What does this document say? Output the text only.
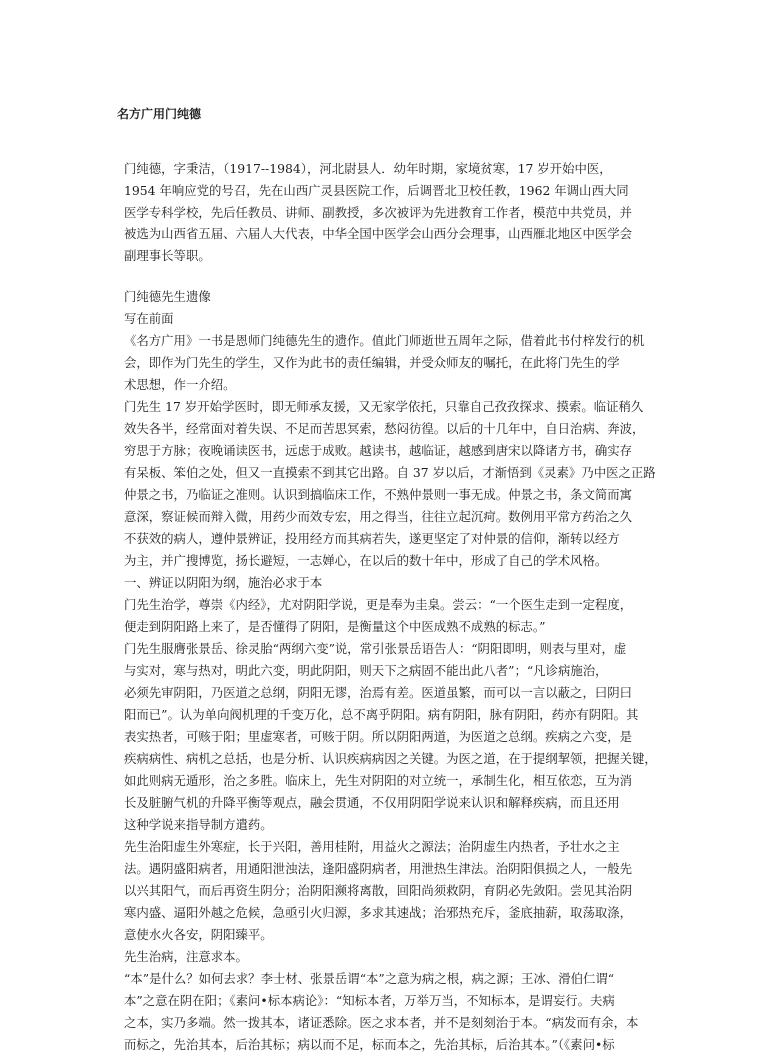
名方广用门纯德
门纯德，字秉洁，（1917--1984），河北尉县人．幼年时期，家境贫寒，17 岁开始中医，
1954 年响应党的号召，先在山西广灵县医院工作，后调晋北卫校任教，1962 年调山西大同
医学专科学校，先后任教员、讲师、副教授，多次被评为先进教育工作者，模范中共党员，并
被选为山西省五届、六届人大代表，中华全国中医学会山西分会理事，山西雁北地区中医学会
副理事长等职。
门纯德先生遗像
写在前面
《名方广用》一书是恩师门纯德先生的遗作。值此门师逝世五周年之际，借着此书付梓发行的机
会，即作为门先生的学生，又作为此书的责任编辑，并受众师友的嘱托，在此将门先生的学
术思想，作一介绍。
门先生 17 岁开始学医时，即无师承友援，又无家学依托，只靠自己孜孜探求、摸索。临证稍久
效失各半，经常面对着失误、不足而苦思冥索，愁闷彷徨。以后的十几年中，自日治病、奔波，
穷思于方脉；夜晚诵读医书，远虑于成败。越读书，越临证，越感到唐宋以降诸方书，确实存
有呆板、笨伯之处，但又一直摸索不到其它出路。自 37 岁以后，才渐悟到《灵素》乃中医之正路
仲景之书，乃临证之准则。认识到搞临床工作，不熟仲景则一事无成。仲景之书，条文简而寓
意深，察证候而辩入微，用药少而效专宏，用之得当，往往立起沉疴。数例用平常方药治之久
不获效的病人，遵仲景辨证，投用经方而其病若失，遂更坚定了对仲景的信仰，渐转以经方
为主，并广搜博览，扬长避短，一志婵心，在以后的数十年中，形成了自己的学术风格。
一、辨证以阴阳为纲，施治必求于本
门先生治学，尊崇《内经》，尤对阴阳学说，更是奉为圭臬。尝云：“一个医生走到一定程度，
便走到阴阳路上来了，是否懂得了阴阳，是衡量这个中医成熟不成熟的标志。”
门先生服膺张景岳、徐灵胎“两纲六变”说，常引张景岳语告人：“阴阳即明，则表与里对，虚
与实对，寒与热对，明此六变，明此阴阳，则天下之病固不能出此八者”；“凡诊病施治，
必须先审阴阳，乃医道之总纲，阴阳无谬，治焉有差。医道虽繁，而可以一言以蔽之，曰阴曰
阳而已”。认为单向阀机理的千变万化，总不离乎阴阳。病有阴阳，脉有阴阳，药亦有阴阳。其
表实热者，可赅于阳；里虚寒者，可赅于阴。所以阴阳两道，为医道之总纲。疾病之六变，是
疾病病性、病机之总括，也是分析、认识疾病病因之关键。为医之道，在于提纲挈领，把握关键，
如此则病无遁形，治之多胜。临床上，先生对阴阳的对立统一，承制生化，相互依恋，互为消
长及脏腑气机的升降平衡等观点，融会贯通，不仅用阴阳学说来认识和解释疾病，而且还用
这种学说来指导制方遣药。
先生治阳虚生外寒症，长于兴阳，善用桂附，用益火之源法；治阴虚生内热者，予壮水之主
法。遇阴盛阳病者，用通阳泄浊法，逢阳盛阴病者，用泄热生津法。治阴阳俱损之人，一般先
以兴其阳气，而后再资生阴分；治阴阳濒将离散，回阳尚须救阴，育阴必先敛阳。尝见其治阴
寒内盛、逼阳外越之危候，急亟引火归源，多求其速战；治邪热充斥，釜底抽薪，取荡取涤，
意使水火各安，阴阳臻平。
先生治病，注意求本。
“本”是什么？如何去求？李士材、张景岳谓“本”之意为病之根，病之源；王冰、滑伯仁谓“
本”之意在阴在阳；《素问•标本病论》：“知标本者，万举万当，不知标本，是谓妄行。夫病
之本，实乃多端。然一拨其本，诸证悉除。医之求本者，并不是刻刻治于本。“病发而有余，本
而标之，先治其本，后治其标；病以而不足，标而本之，先治其标，后治其本。”（《素问•标
